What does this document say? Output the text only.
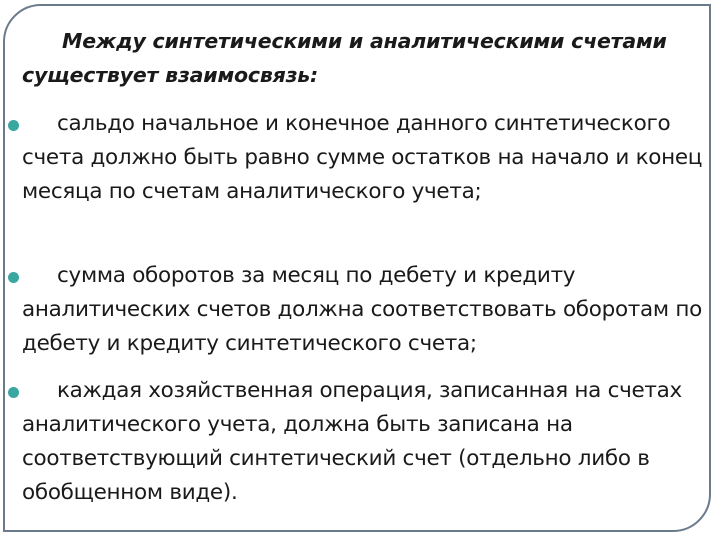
Между синтетическими и аналитическими счетами
существует взаимосвязь:

сальдо начальное и конечное данного синтетического счета должно быть равно сумме остатков на начало и конец месяца по счетам аналитического учета;

сумма оборотов за месяц по дебету и кредиту аналитических счетов должна соответствовать оборотам по дебету и кредиту синтетического счета;

каждая хозяйственная операция, записанная на счетах аналитического учета, должна быть записана на соответствующий синтетический счет (отдельно либо в обобщенном виде).
